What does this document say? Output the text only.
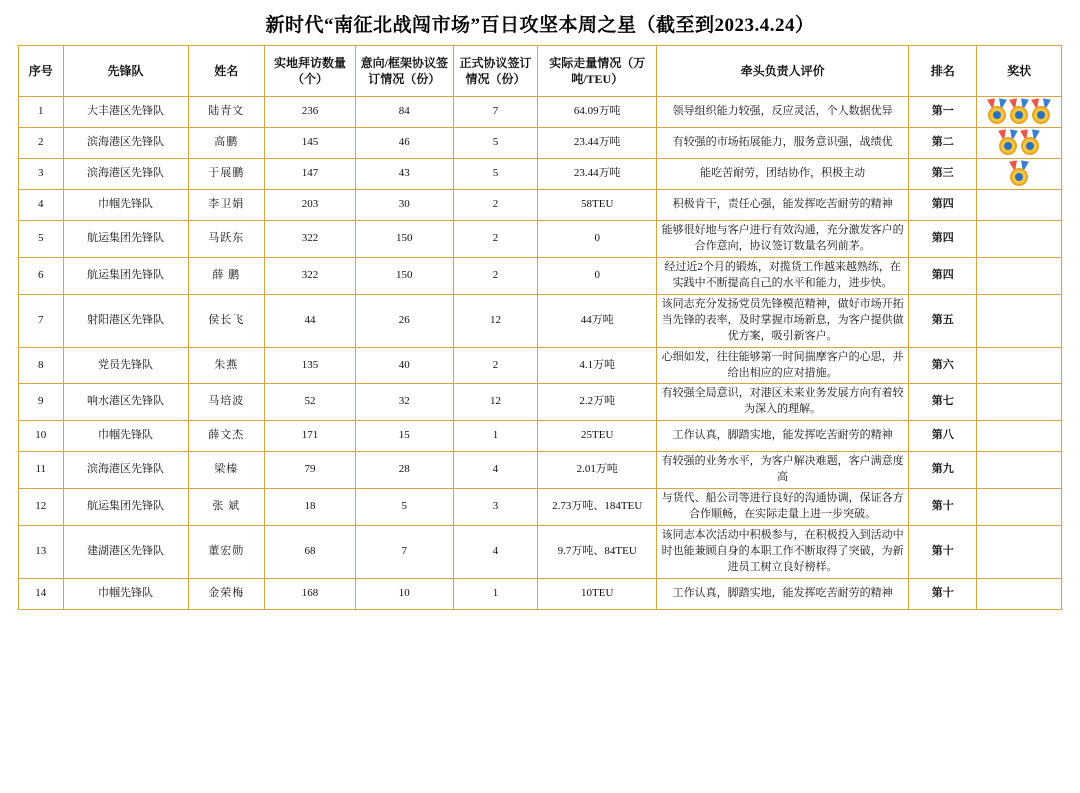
新时代“南征北战闯市场”百日攻坚本周之星（截至到2023.4.24）
序号	先锋队	姓名	实地拜访数量（个）	意向/框架协议签订情况（份）	正式协议签订情况（份）	实际走量情况（万吨/TEU）	牵头负责人评价	排名	奖状
1	大丰港区先锋队	陆青文	236	84	7	64.09万吨	领导组织能力较强，反应灵活，个人数据优异	第一	

2	滨海港区先锋队	高鹏	145	46	5	23.44万吨	有较强的市场拓展能力，服务意识强，战绩优	第二	

3	滨海港区先锋队	于展鹏	147	43	5	23.44万吨	能吃苦耐劳，团结协作，积极主动	第三	

4	巾帼先锋队	李卫娟	203	30	2	58TEU	积极肯干，责任心强，能发挥吃苦耐劳的精神	第四	

5	航运集团先锋队	马跃东	322	150	2	0	能够很好地与客户进行有效沟通，充分激发客户的合作意向，协议签订数量名列前茅。	第四	

6	航运集团先锋队	薛 鹏	322	150	2	0	经过近2个月的锻炼，对揽货工作越来越熟练，在实践中不断提高自己的水平和能力，进步快。	第四	

7	射阳港区先锋队	侯长飞	44	26	12	44万吨	该同志充分发扬党员先锋模范精神，做好市场开拓当先锋的表率，及时掌握市场新息，为客户提供做优方案，吸引新客户。	第五	

8	党员先锋队	朱燕	135	40	2	4.1万吨	心细如发，往往能够第一时间揣摩客户的心思，并给出相应的应对措施。	第六	

9	响水港区先锋队	马培波	52	32	12	2.2万吨	有较强全局意识，对港区未来业务发展方向有着较为深入的理解。	第七	

10	巾帼先锋队	薛文杰	171	15	1	25TEU	工作认真，脚踏实地，能发挥吃苦耐劳的精神	第八	

11	滨海港区先锋队	梁榛	79	28	4	2.01万吨	有较强的业务水平，为客户解决难题，客户满意度高	第九	

12	航运集团先锋队	张 斌	18	5	3	2.73万吨、184TEU	与货代、船公司等进行良好的沟通协调，保证各方合作顺畅，在实际走量上进一步突破。	第十	

13	建湖港区先锋队	董宏勋	68	7	4	9.7万吨、84TEU	该同志本次活动中积极参与，在积极投入到活动中时也能兼顾自身的本职工作不断取得了突破，为新进员工树立良好榜样。	第十	

14	巾帼先锋队	金荣梅	168	10	1	10TEU	工作认真，脚踏实地，能发挥吃苦耐劳的精神	第十	
